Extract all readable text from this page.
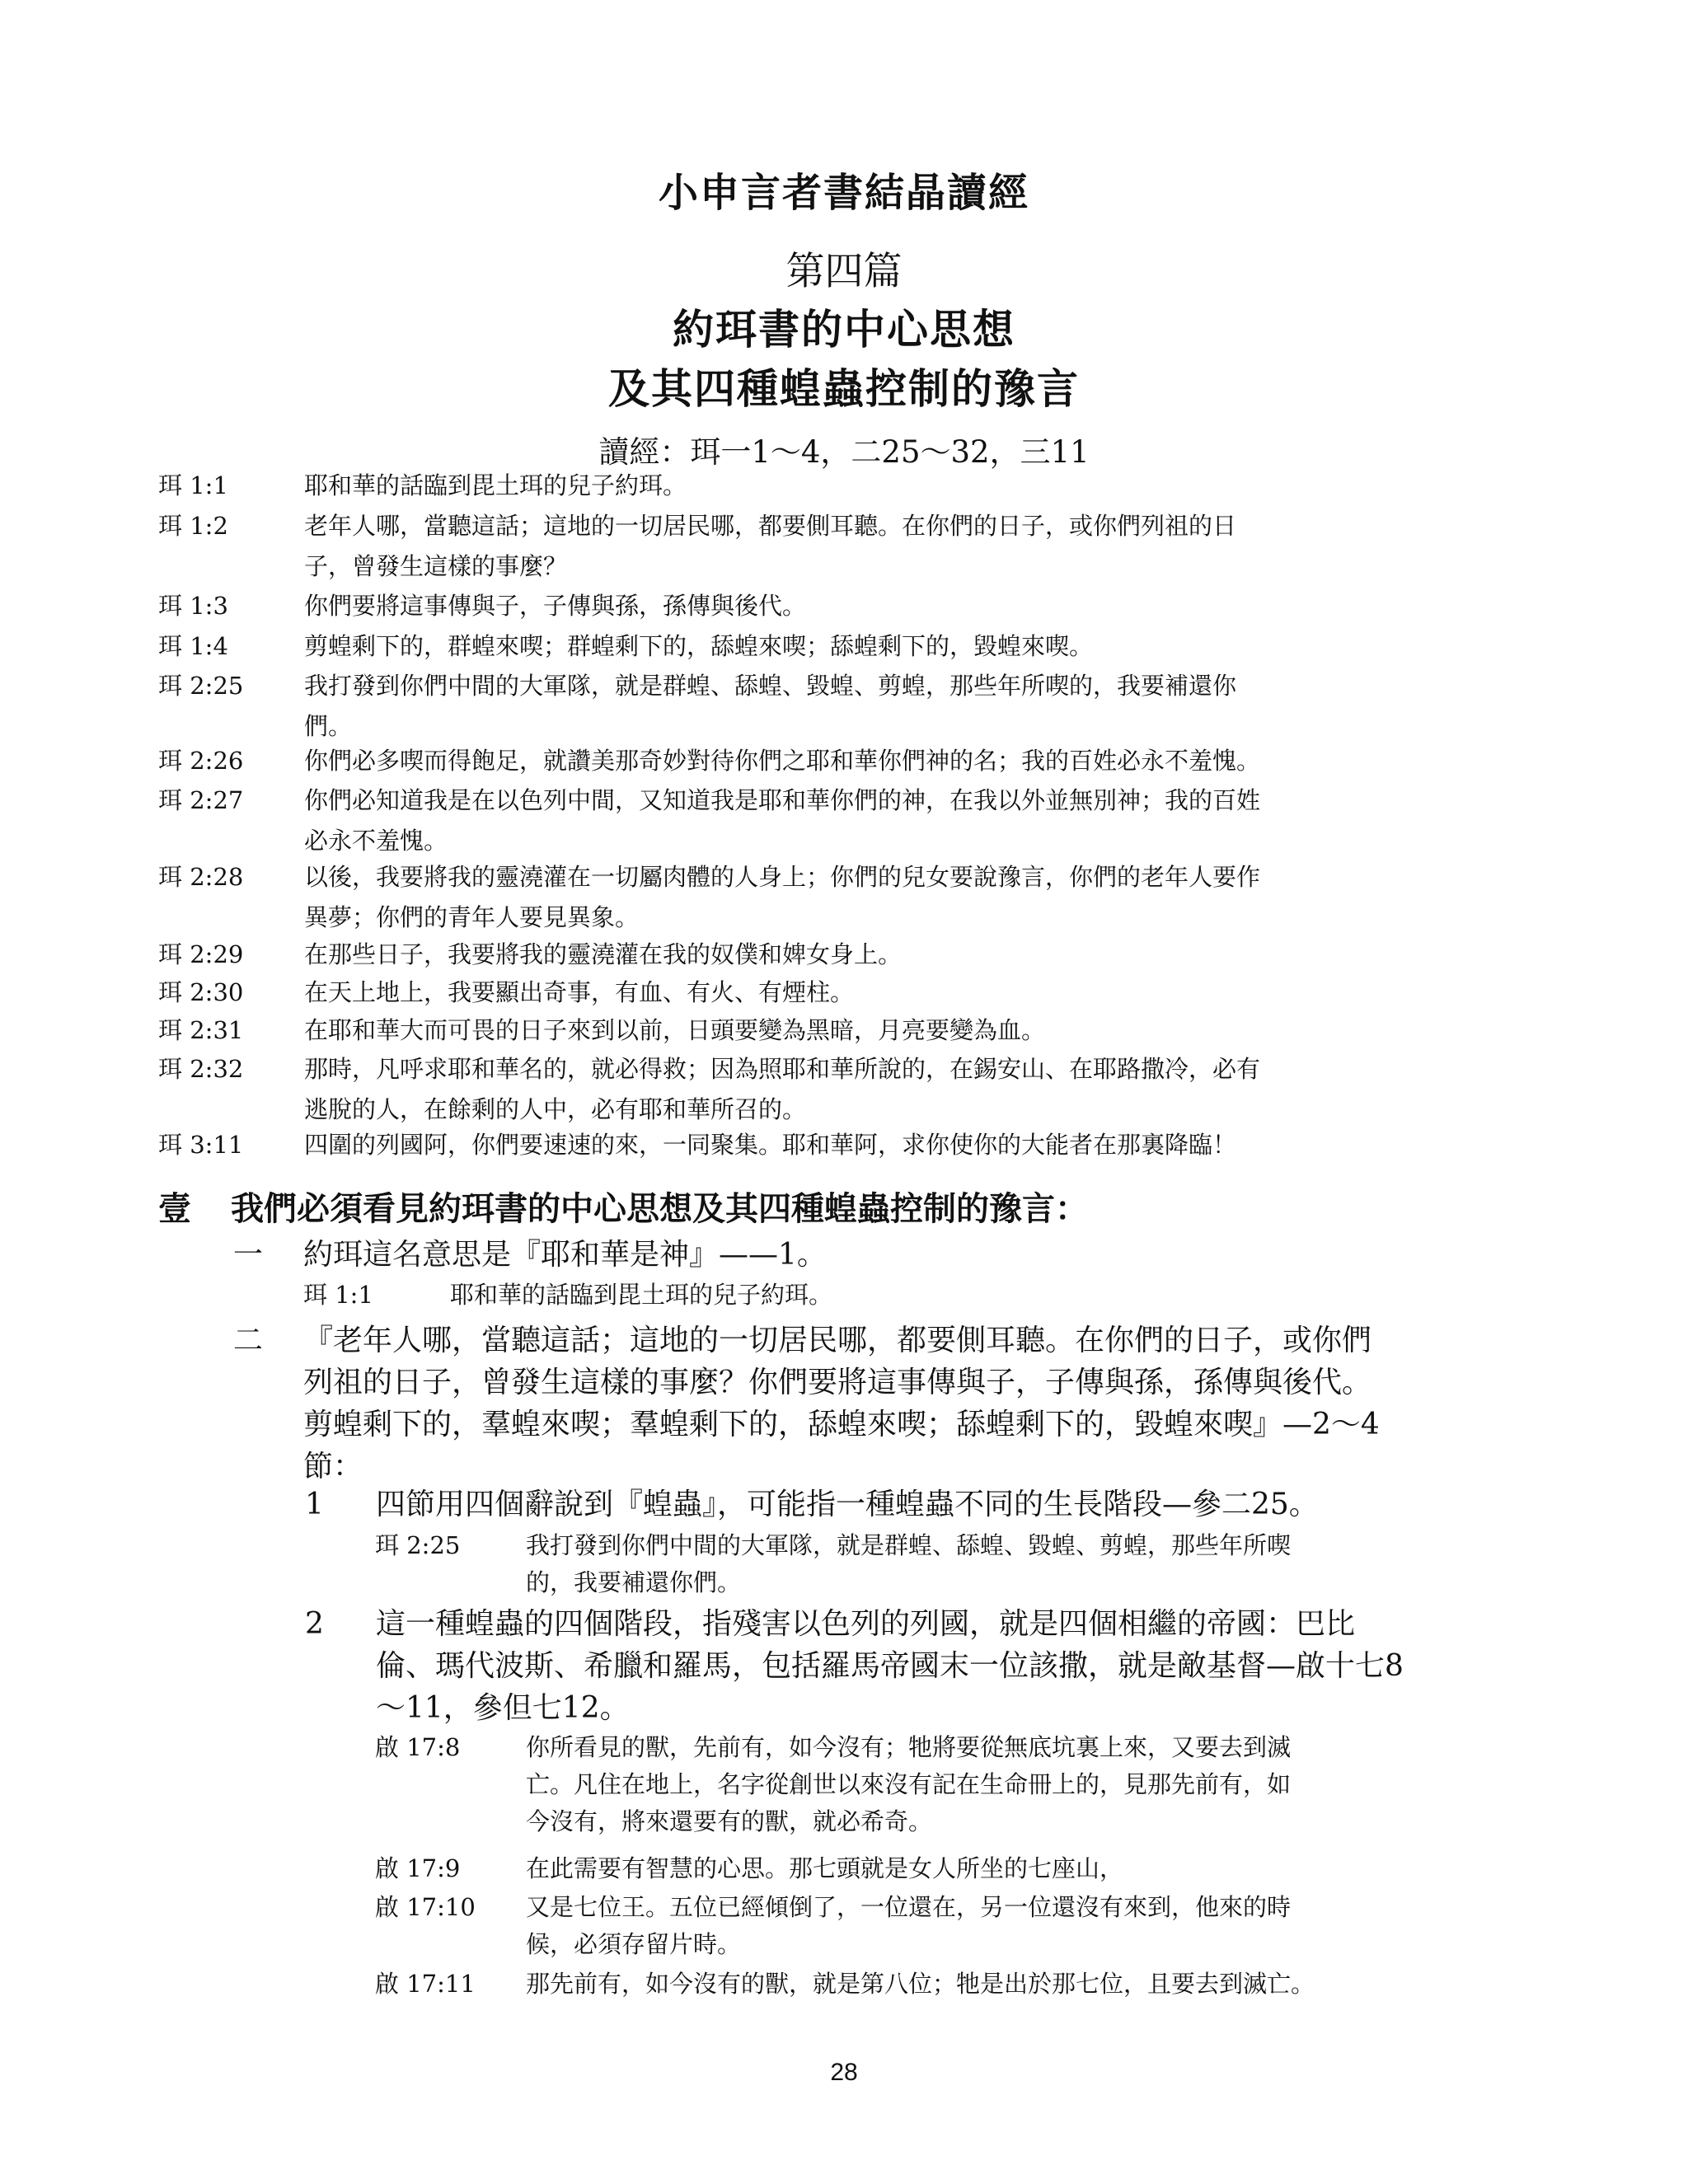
小申言者書結晶讀經
第四篇
約珥書的中心思想
及其四種蝗蟲控制的豫言
讀經：珥一1～4，二25～32，三11
珥 1:1	耶和華的話臨到毘土珥的兒子約珥。
珥 1:2	老年人哪，當聽這話；這地的一切居民哪，都要側耳聽。在你們的日子，或你們列祖的日
子，曾發生這樣的事麼？
珥 1:3	你們要將這事傳與子，子傳與孫，孫傳與後代。
珥 1:4	剪蝗剩下的，群蝗來喫；群蝗剩下的，舔蝗來喫；舔蝗剩下的，毀蝗來喫。
珥 2:25	我打發到你們中間的大軍隊，就是群蝗、舔蝗、毀蝗、剪蝗，那些年所喫的，我要補還你
們。
珥 2:26	你們必多喫而得飽足，就讚美那奇妙對待你們之耶和華你們神的名；我的百姓必永不羞愧。
珥 2:27	你們必知道我是在以色列中間，又知道我是耶和華你們的神，在我以外並無別神；我的百姓
必永不羞愧。
珥 2:28	以後，我要將我的靈澆灌在一切屬肉體的人身上；你們的兒女要說豫言，你們的老年人要作
異夢；你們的青年人要見異象。
珥 2:29	在那些日子，我要將我的靈澆灌在我的奴僕和婢女身上。
珥 2:30	在天上地上，我要顯出奇事，有血、有火、有煙柱。
珥 2:31	在耶和華大而可畏的日子來到以前，日頭要變為黑暗，月亮要變為血。
珥 2:32	那時，凡呼求耶和華名的，就必得救；因為照耶和華所說的，在錫安山、在耶路撒冷，必有
逃脫的人，在餘剩的人中，必有耶和華所召的。
珥 3:11	四圍的列國阿，你們要速速的來，一同聚集。耶和華阿，求你使你的大能者在那裏降臨！
壹 我們必須看見約珥書的中心思想及其四種蝗蟲控制的豫言：
一 約珥這名意思是『耶和華是神』——1。
珥 1:1	耶和華的話臨到毘土珥的兒子約珥。
二 『老年人哪，當聽這話；這地的一切居民哪，都要側耳聽。在你們的日子，或你們
列祖的日子，曾發生這樣的事麼？你們要將這事傳與子，子傳與孫，孫傳與後代。
剪蝗剩下的，羣蝗來喫；羣蝗剩下的，舔蝗來喫；舔蝗剩下的，毀蝗來喫』—2～4
節：
1 四節用四個辭說到『蝗蟲』，可能指一種蝗蟲不同的生長階段—參二25。
珥 2:25	我打發到你們中間的大軍隊，就是群蝗、舔蝗、毀蝗、剪蝗，那些年所喫
的，我要補還你們。
2 這一種蝗蟲的四個階段，指殘害以色列的列國，就是四個相繼的帝國：巴比
倫、瑪代波斯、希臘和羅馬，包括羅馬帝國末一位該撒，就是敵基督—啟十七8
～11，參但七12。
啟 17:8	你所看見的獸，先前有，如今沒有；牠將要從無底坑裏上來，又要去到滅
亡。凡住在地上，名字從創世以來沒有記在生命冊上的，見那先前有，如
今沒有，將來還要有的獸，就必希奇。
啟 17:9	在此需要有智慧的心思。那七頭就是女人所坐的七座山，
啟 17:10 又是七位王。五位已經傾倒了，一位還在，另一位還沒有來到，他來的時
候，必須存留片時。
啟 17:11 那先前有，如今沒有的獸，就是第八位；牠是出於那七位，且要去到滅亡。
28
